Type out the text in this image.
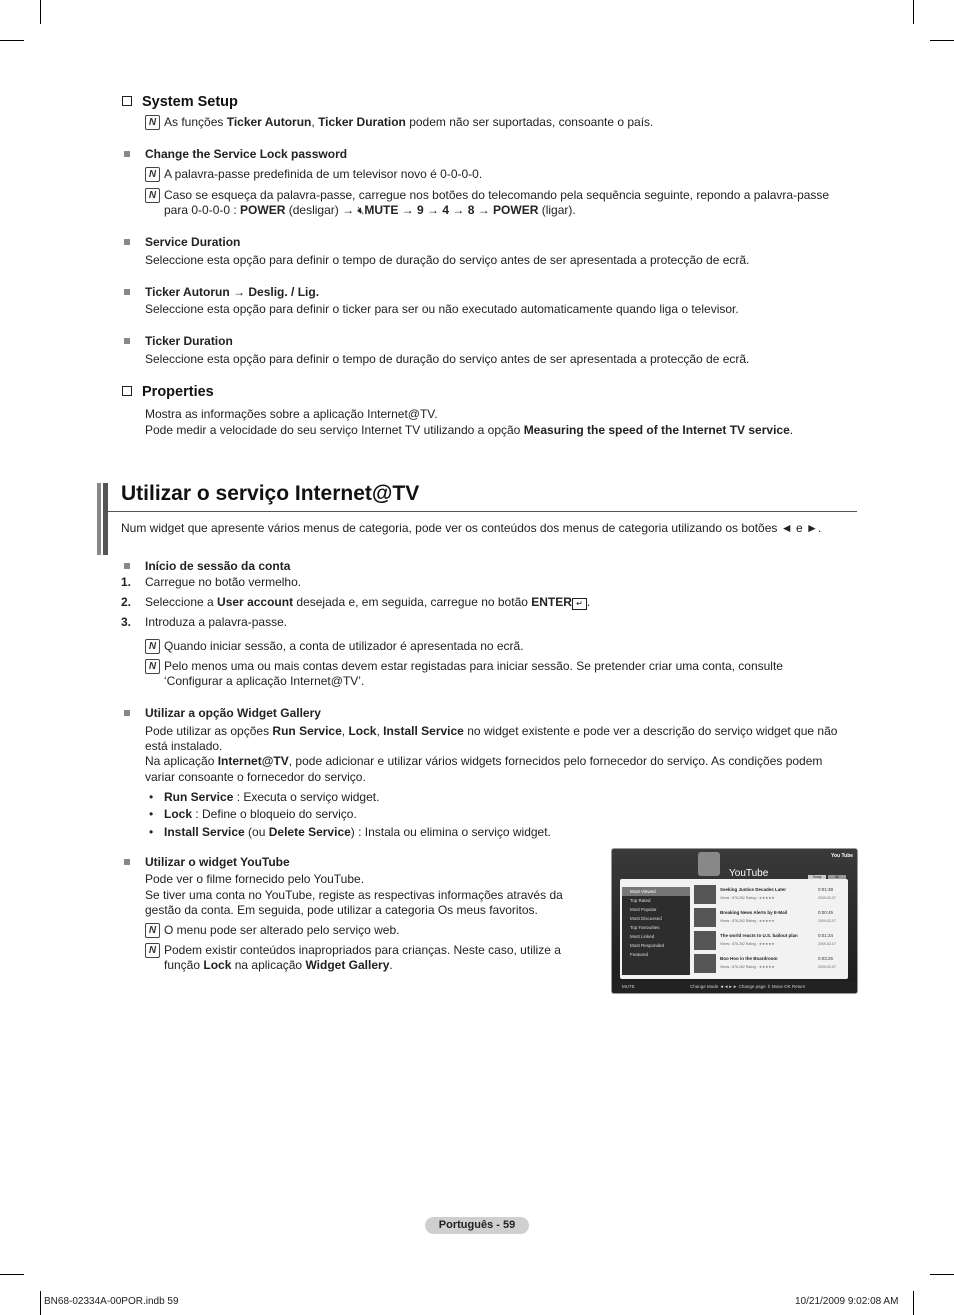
System Setup
N As funções Ticker Autorun, Ticker Duration podem não ser suportadas, consoante o país.
Change the Service Lock password
N A palavra-passe predefinida de um televisor novo é 0-0-0-0.
N Caso se esqueça da palavra-passe, carregue nos botões do telecomando pela sequência seguinte, repondo a palavra-passe
para 0-0-0-0 : POWER (desligar) → 🔇︎MUTE → 9 → 4 → 8 → POWER (ligar).
Service Duration
Seleccione esta opção para definir o tempo de duração do serviço antes de ser apresentada a protecção de ecrã.
Ticker Autorun → Deslig. / Lig.
Seleccione esta opção para definir o ticker para ser ou não executado automaticamente quando liga o televisor.
Ticker Duration
Seleccione esta opção para definir o tempo de duração do serviço antes de ser apresentada a protecção de ecrã.
Properties
Mostra as informações sobre a aplicação Internet@TV.
Pode medir a velocidade do seu serviço Internet TV utilizando a opção Measuring the speed of the Internet TV service.
Utilizar o serviço Internet@TV
Num widget que apresente vários menus de categoria, pode ver os conteúdos dos menus de categoria utilizando os botões ◄ e ►.
Início de sessão da conta
1. Carregue no botão vermelho.
2. Seleccione a User account desejada e, em seguida, carregue no botão ENTER ↵ .
3. Introduza a palavra-passe.
N Quando iniciar sessão, a conta de utilizador é apresentada no ecrã.
N Pelo menos uma ou mais contas devem estar registadas para iniciar sessão. Se pretender criar uma conta, consulte
‘Configurar a aplicação Internet@TV’.
Utilizar a opção Widget Gallery
Pode utilizar as opções Run Service, Lock, Install Service no widget existente e pode ver a descrição do serviço widget que não
está instalado.
Na aplicação Internet@TV, pode adicionar e utilizar vários widgets fornecidos pelo fornecedor do serviço. As condições podem
variar consoante o fornecedor do serviço.
• Run Service : Executa o serviço widget.
• Lock : Define o bloqueio do serviço.
• Install Service (ou Delete Service) : Instala ou elimina o serviço widget.
Utilizar o widget YouTube
Pode ver o filme fornecido pelo YouTube.
Se tiver uma conta no YouTube, registe as respectivas informações através da
gestão da conta. Em seguida, pode utilizar a categoria Os meus favoritos.
N O menu pode ser alterado pelo serviço web.
N Podem existir conteúdos inapropriados para crianças. Neste caso, utilize a
função Lock na aplicação Widget Gallery.
YouTube
You Tube
Today	All
Most Viewed
Top Rated
Most Popular
Most Discussed
Top Favourites
Most Linked
Most Responded
Featured
Seeking Justice Decades Later
Views : 876,262 Rating : ★★★★★
0:01:38
2009-02-07
Breaking News Alerts by E-Mail
Views : 876,262 Rating : ★★★★★
0:00:45
2009-02-07
The world reacts to U.S. bailout plan
Views : 876,262 Rating : ★★★★★
0:01:34
2009-02-07
Boo Hoo in the Boardroom
Views : 876,262 Rating : ★★★★★
0:03:26
2009-02-07
MUTE	Change Mode ◄◄►► Change page ⇕ Move OK Return
Português - 59
BN68-02334A-00POR.indb 59	10/21/2009 9:02:08 AM
